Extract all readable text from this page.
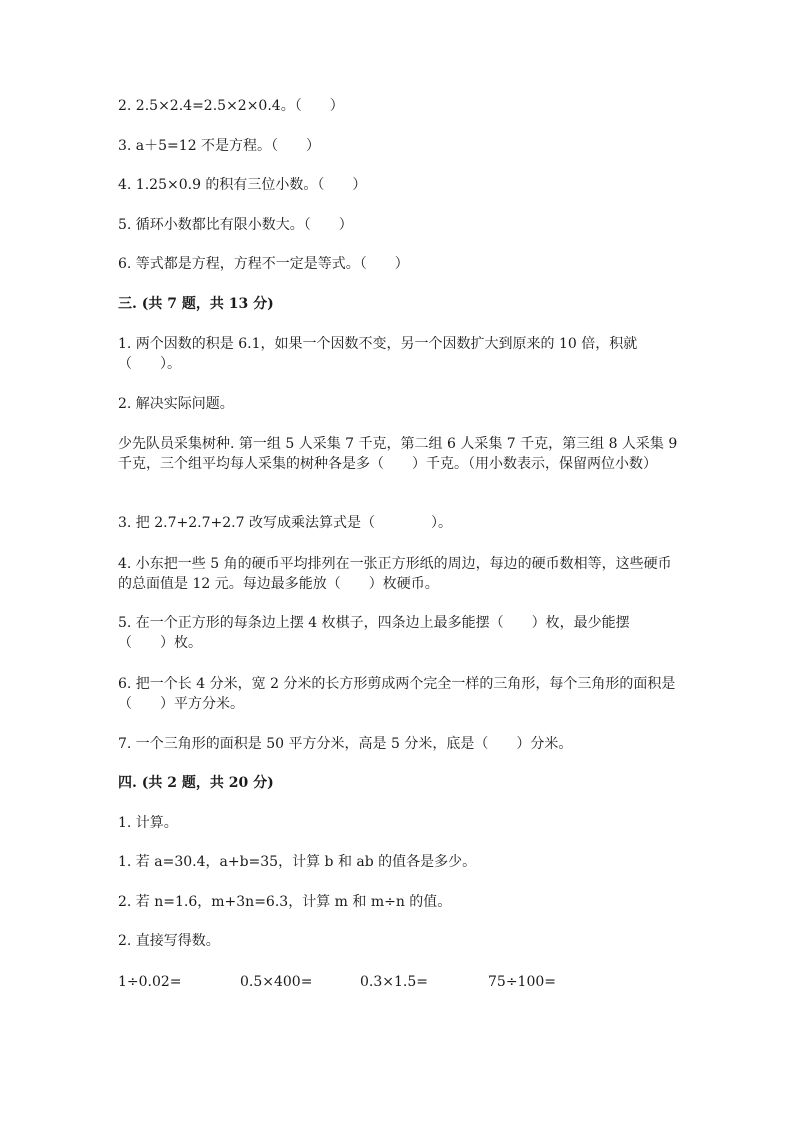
2. 2.5×2.4=2.5×2×0.4。（　　）
3. a＋5=12 不是方程。（　　）
4. 1.25×0.9 的积有三位小数。（　　）
5. 循环小数都比有限小数大。（　　）
6. 等式都是方程，方程不一定是等式。（　　）
三. (共 7 题，共 13 分)
1. 两个因数的积是 6.1，如果一个因数不变，另一个因数扩大到原来的 10 倍，积就（　　）。
2. 解决实际问题。
少先队员采集树种. 第一组 5 人采集 7 千克，第二组 6 人采集 7 千克，第三组 8 人采集 9 千克，三个组平均每人采集的树种各是多（　　）千克。（用小数表示，保留两位小数）
3. 把 2.7+2.7+2.7 改写成乘法算式是（　　　　）。
4. 小东把一些 5 角的硬币平均排列在一张正方形纸的周边，每边的硬币数相等，这些硬币的总面值是 12 元。每边最多能放（　　）枚硬币。
5. 在一个正方形的每条边上摆 4 枚棋子，四条边上最多能摆（　　）枚，最少能摆（　　）枚。
6. 把一个长 4 分米，宽 2 分米的长方形剪成两个完全一样的三角形，每个三角形的面积是（　　）平方分米。
7. 一个三角形的面积是 50 平方分米，高是 5 分米，底是（　　）分米。
四. (共 2 题，共 20 分)
1. 计算。
1. 若 a=30.4，a+b=35，计算 b 和 ab 的值各是多少。
2. 若 n=1.6，m+3n=6.3，计算 m 和 m÷n 的值。
2. 直接写得数。
1÷0.02=	0.5×400=	0.3×1.5=	75÷100=
